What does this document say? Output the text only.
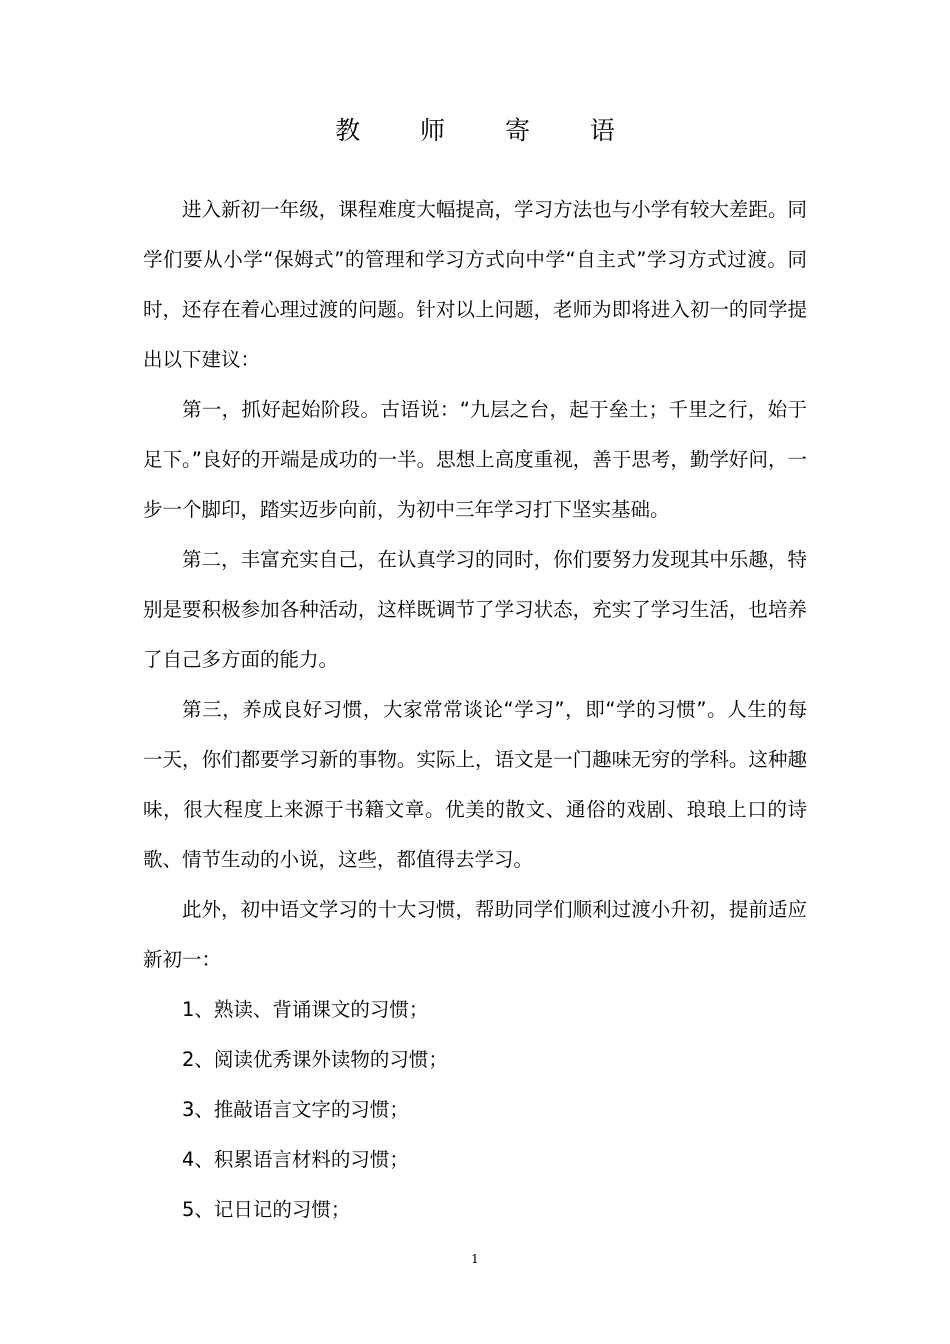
教 师 寄 语

进入新初一年级，课程难度大幅提高，学习方法也与小学有较大差距。同学们要从小学“保姆式”的管理和学习方式向中学“自主式”学习方式过渡。同时，还存在着心理过渡的问题。针对以上问题，老师为即将进入初一的同学提出以下建议：

第一，抓好起始阶段。古语说：“九层之台，起于垒土；千里之行，始于足下。”良好的开端是成功的一半。思想上高度重视，善于思考，勤学好问，一步一个脚印，踏实迈步向前，为初中三年学习打下坚实基础。

第二，丰富充实自己，在认真学习的同时，你们要努力发现其中乐趣，特别是要积极参加各种活动，这样既调节了学习状态，充实了学习生活，也培养了自己多方面的能力。

第三，养成良好习惯，大家常常谈论“学习”，即“学的习惯”。人生的每一天，你们都要学习新的事物。实际上，语文是一门趣味无穷的学科。这种趣味，很大程度上来源于书籍文章。优美的散文、通俗的戏剧、琅琅上口的诗歌、情节生动的小说，这些，都值得去学习。

此外，初中语文学习的十大习惯，帮助同学们顺利过渡小升初，提前适应新初一：

1、熟读、背诵课文的习惯；
2、阅读优秀课外读物的习惯；
3、推敲语言文字的习惯；
4、积累语言材料的习惯；
5、记日记的习惯；
1
